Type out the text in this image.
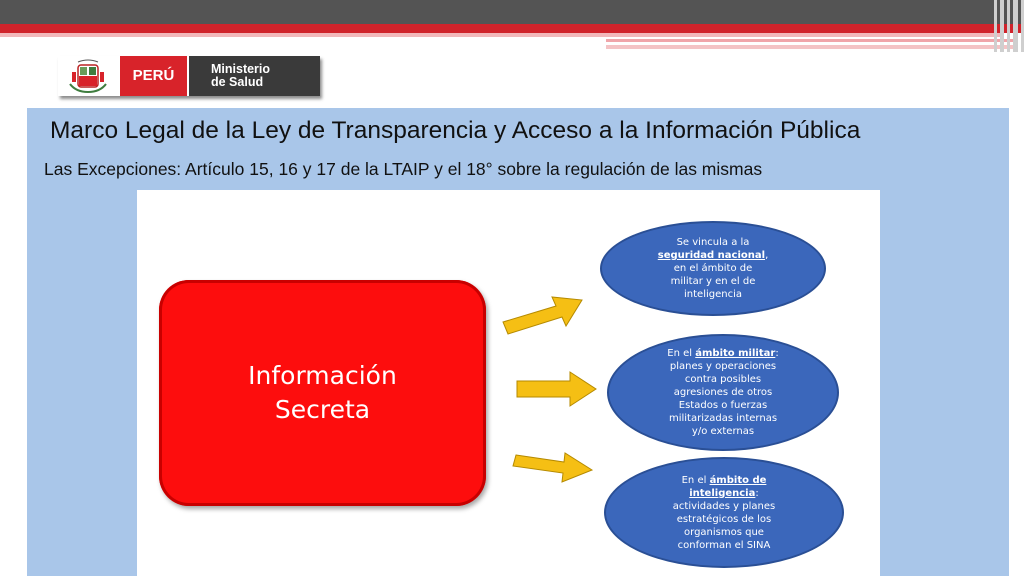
PERÚ	Ministerio
de Salud
Marco Legal de la Ley de Transparencia y Acceso a la Información Pública
Las Excepciones: Artículo 15, 16 y 17 de la LTAIP y el 18° sobre la regulación de las mismas
Información
Secreta
Se vincula a la
seguridad nacional,
en el ámbito de
militar y en el de
inteligencia
En el ámbito militar:
planes y operaciones
contra posibles
agresiones de otros
Estados o fuerzas
militarizadas internas
y/o externas
En el ámbito de
inteligencia:
actividades y planes
estratégicos de los
organismos que
conforman el SINA
